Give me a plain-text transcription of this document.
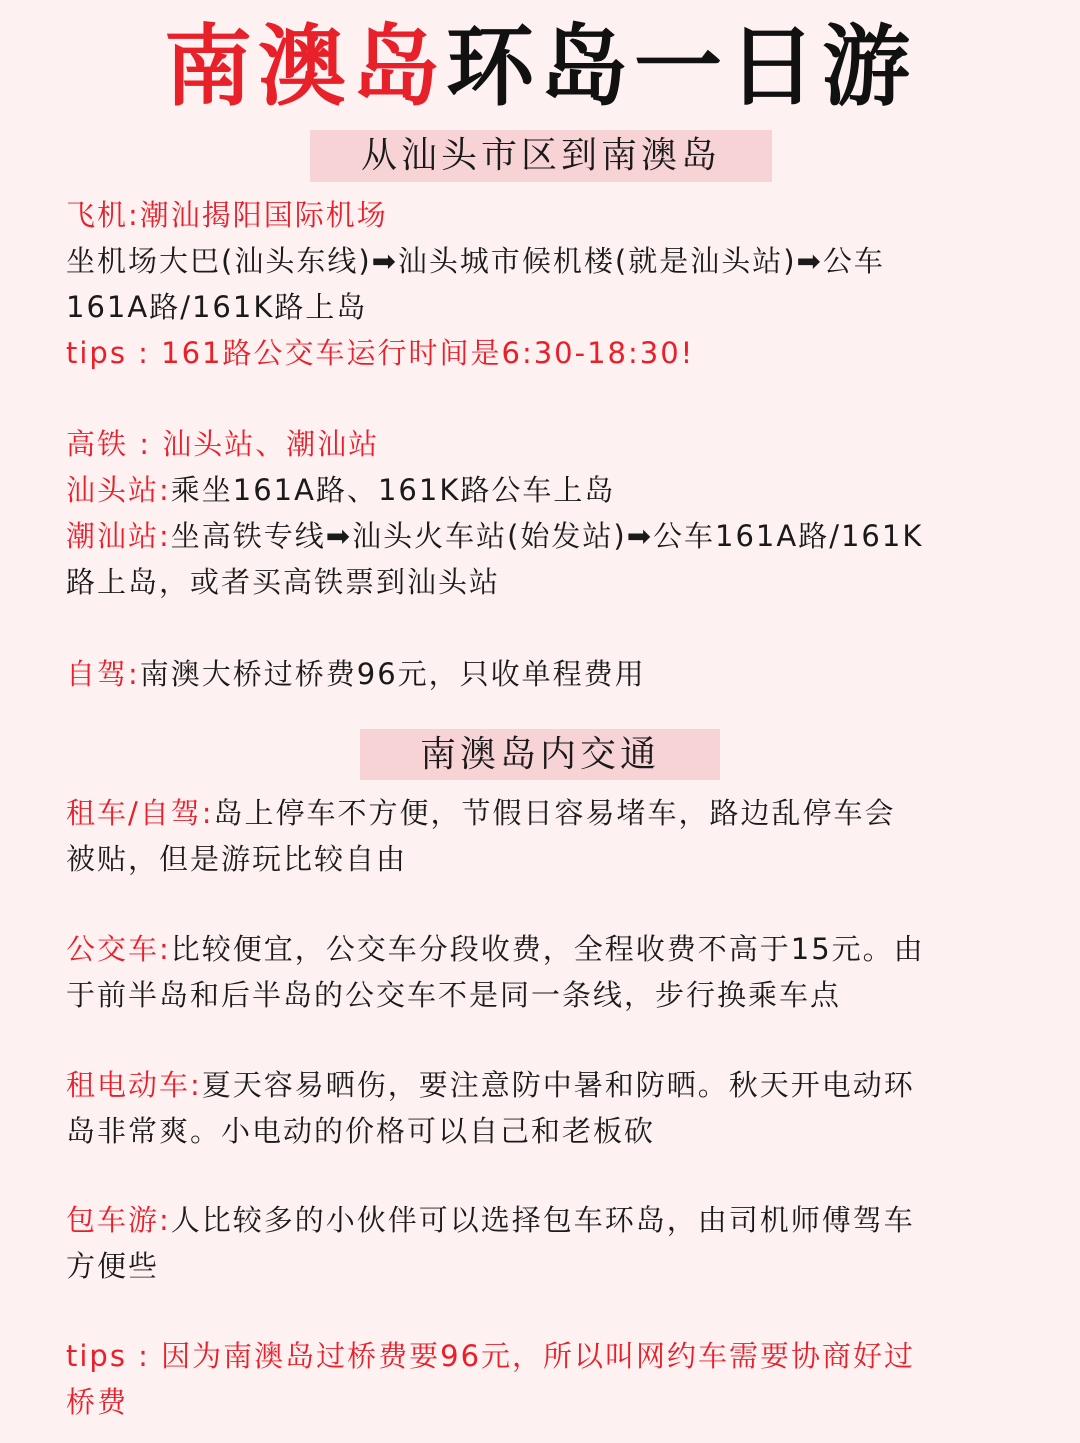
南澳岛环岛一日游
从汕头市区到南澳岛
飞机:潮汕揭阳国际机场
坐机场大巴(汕头东线)➡汕头城市候机楼(就是汕头站)➡公车
161A路/161K路上岛
tips : 161路公交车运行时间是6:30-18:30!
高铁 : 汕头站、潮汕站
汕头站:乘坐161A路、161K路公车上岛
潮汕站:坐高铁专线➡汕头火车站(始发站)➡公车161A路/161K
路上岛，或者买高铁票到汕头站
自驾:南澳大桥过桥费96元，只收单程费用
南澳岛内交通
租车/自驾:岛上停车不方便，节假日容易堵车，路边乱停车会
被贴，但是游玩比较自由
公交车:比较便宜，公交车分段收费，全程收费不高于15元。由
于前半岛和后半岛的公交车不是同一条线，步行换乘车点
租电动车:夏天容易晒伤，要注意防中暑和防晒。秋天开电动环
岛非常爽。小电动的价格可以自己和老板砍
包车游:人比较多的小伙伴可以选择包车环岛，由司机师傅驾车
方便些
tips : 因为南澳岛过桥费要96元，所以叫网约车需要协商好过
桥费
